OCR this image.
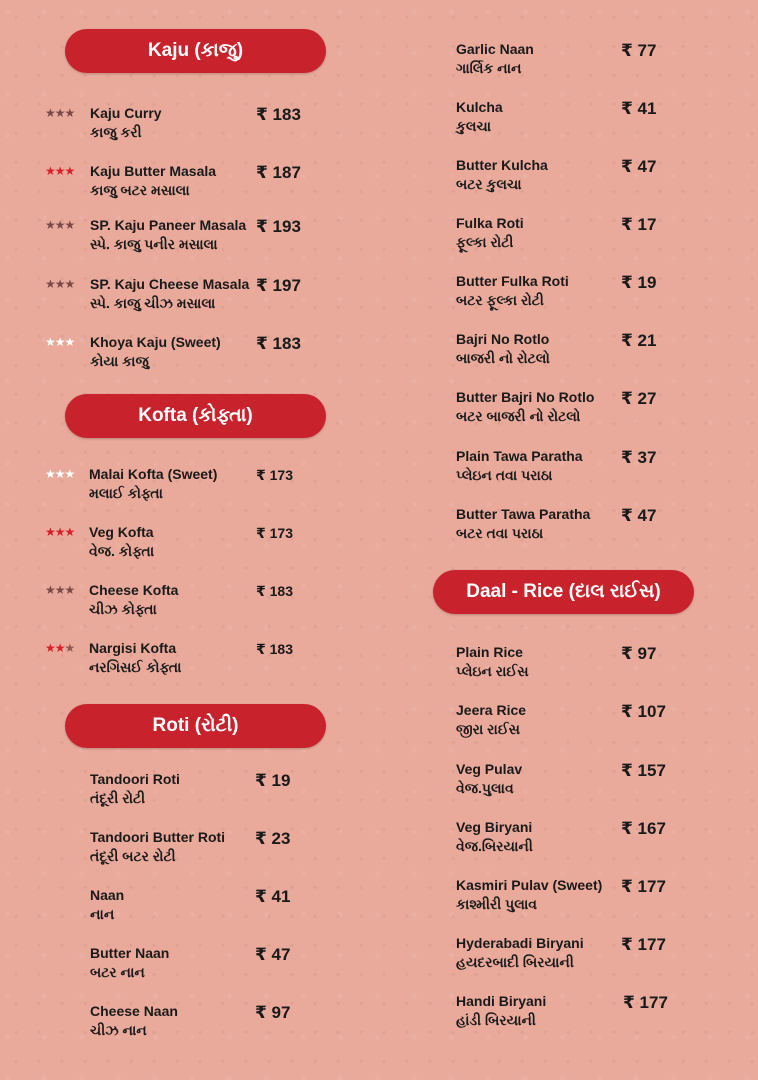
Kaju (કાજુ)
★★★ Kaju Curry
કાજુ કરી
₹ 183
★★★ Kaju Butter Masala
કાજુ બટર મસાલા
₹ 187
★★★ SP. Kaju Paneer Masala
સ્પે. કાજુ પનીર મસાલા
₹ 193
★★★ SP. Kaju Cheese Masala
સ્પે. કાજુ ચીઝ મસાલા
₹ 197
★★★ Khoya Kaju (Sweet)
કોયા કાજુ
₹ 183
Kofta (કોફ્તા)
★★★ Malai Kofta (Sweet)
મલાઈ કોફ્તા
₹ 173
★★★ Veg Kofta
વેજ. કોફ્તા
₹ 173
★★★ Cheese Kofta
ચીઝ કોફ્તા
₹ 183
★★★ Nargisi Kofta
નરગિસઈ કોફ્તા
₹ 183
Roti (રોટી)
Tandoori Roti
તંદૂરી રોટી
₹ 19
Tandoori Butter Roti
તંદૂરી બટર રોટી
₹ 23
Naan
નાન
₹ 41
Butter Naan
બટર નાન
₹ 47
Cheese Naan
ચીઝ નાન
₹ 97
Garlic Naan
ગાર્લિક નાન
₹ 77
Kulcha
કુલચા
₹ 41
Butter Kulcha
બટર કુલચા
₹ 47
Fulka Roti
ફૂલ્કા રોટી
₹ 17
Butter Fulka Roti
બટર ફૂલ્કા રોટી
₹ 19
Bajri No Rotlo
બાજરી નો રોટલો
₹ 21
Butter Bajri No Rotlo
બટર બાજરી નો રોટલો
₹ 27
Plain Tawa Paratha
પ્લેઇન તવા પરાઠા
₹ 37
Butter Tawa Paratha
બટર તવા પરાઠા
₹ 47
Daal - Rice (દાલ રાઈસ)
Plain Rice
પ્લેઇન રાઈસ
₹ 97
Jeera Rice
જીરા રાઈસ
₹ 107
Veg Pulav
વેજ.પુલાવ
₹ 157
Veg Biryani
વેજ.બિરયાની
₹ 167
Kasmiri Pulav (Sweet)
કાશ્મીરી પુલાવ
₹ 177
Hyderabadi Biryani
હયદરબાદી બિરયાની
₹ 177
Handi Biryani
હાંડી બિરયાની
₹ 177
